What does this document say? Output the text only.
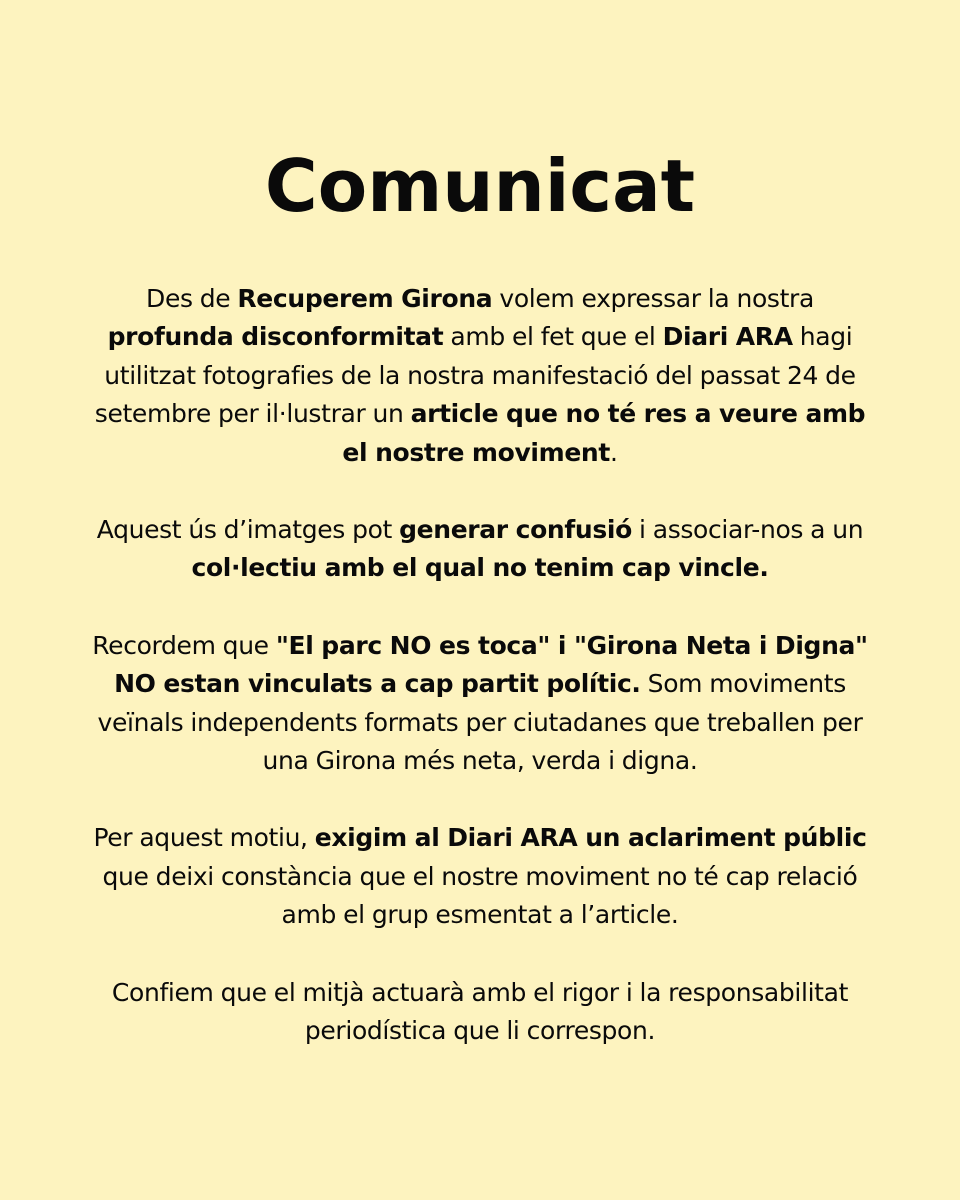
Comunicat

Des de Recuperem Girona volem expressar la nostra profunda disconformitat amb el fet que el Diari ARA hagi utilitzat fotografies de la nostra manifestació del passat 24 de setembre per il·lustrar un article que no té res a veure amb el nostre moviment.

Aquest ús d’imatges pot generar confusió i associar-nos a un col·lectiu amb el qual no tenim cap vincle.

Recordem que "El parc NO es toca" i "Girona Neta i Digna" NO estan vinculats a cap partit polític. Som moviments veïnals independents formats per ciutadanes que treballen per una Girona més neta, verda i digna.

Per aquest motiu, exigim al Diari ARA un aclariment públic que deixi constància que el nostre moviment no té cap relació amb el grup esmentat a l’article.

Confiem que el mitjà actuarà amb el rigor i la responsabilitat periodística que li correspon.
